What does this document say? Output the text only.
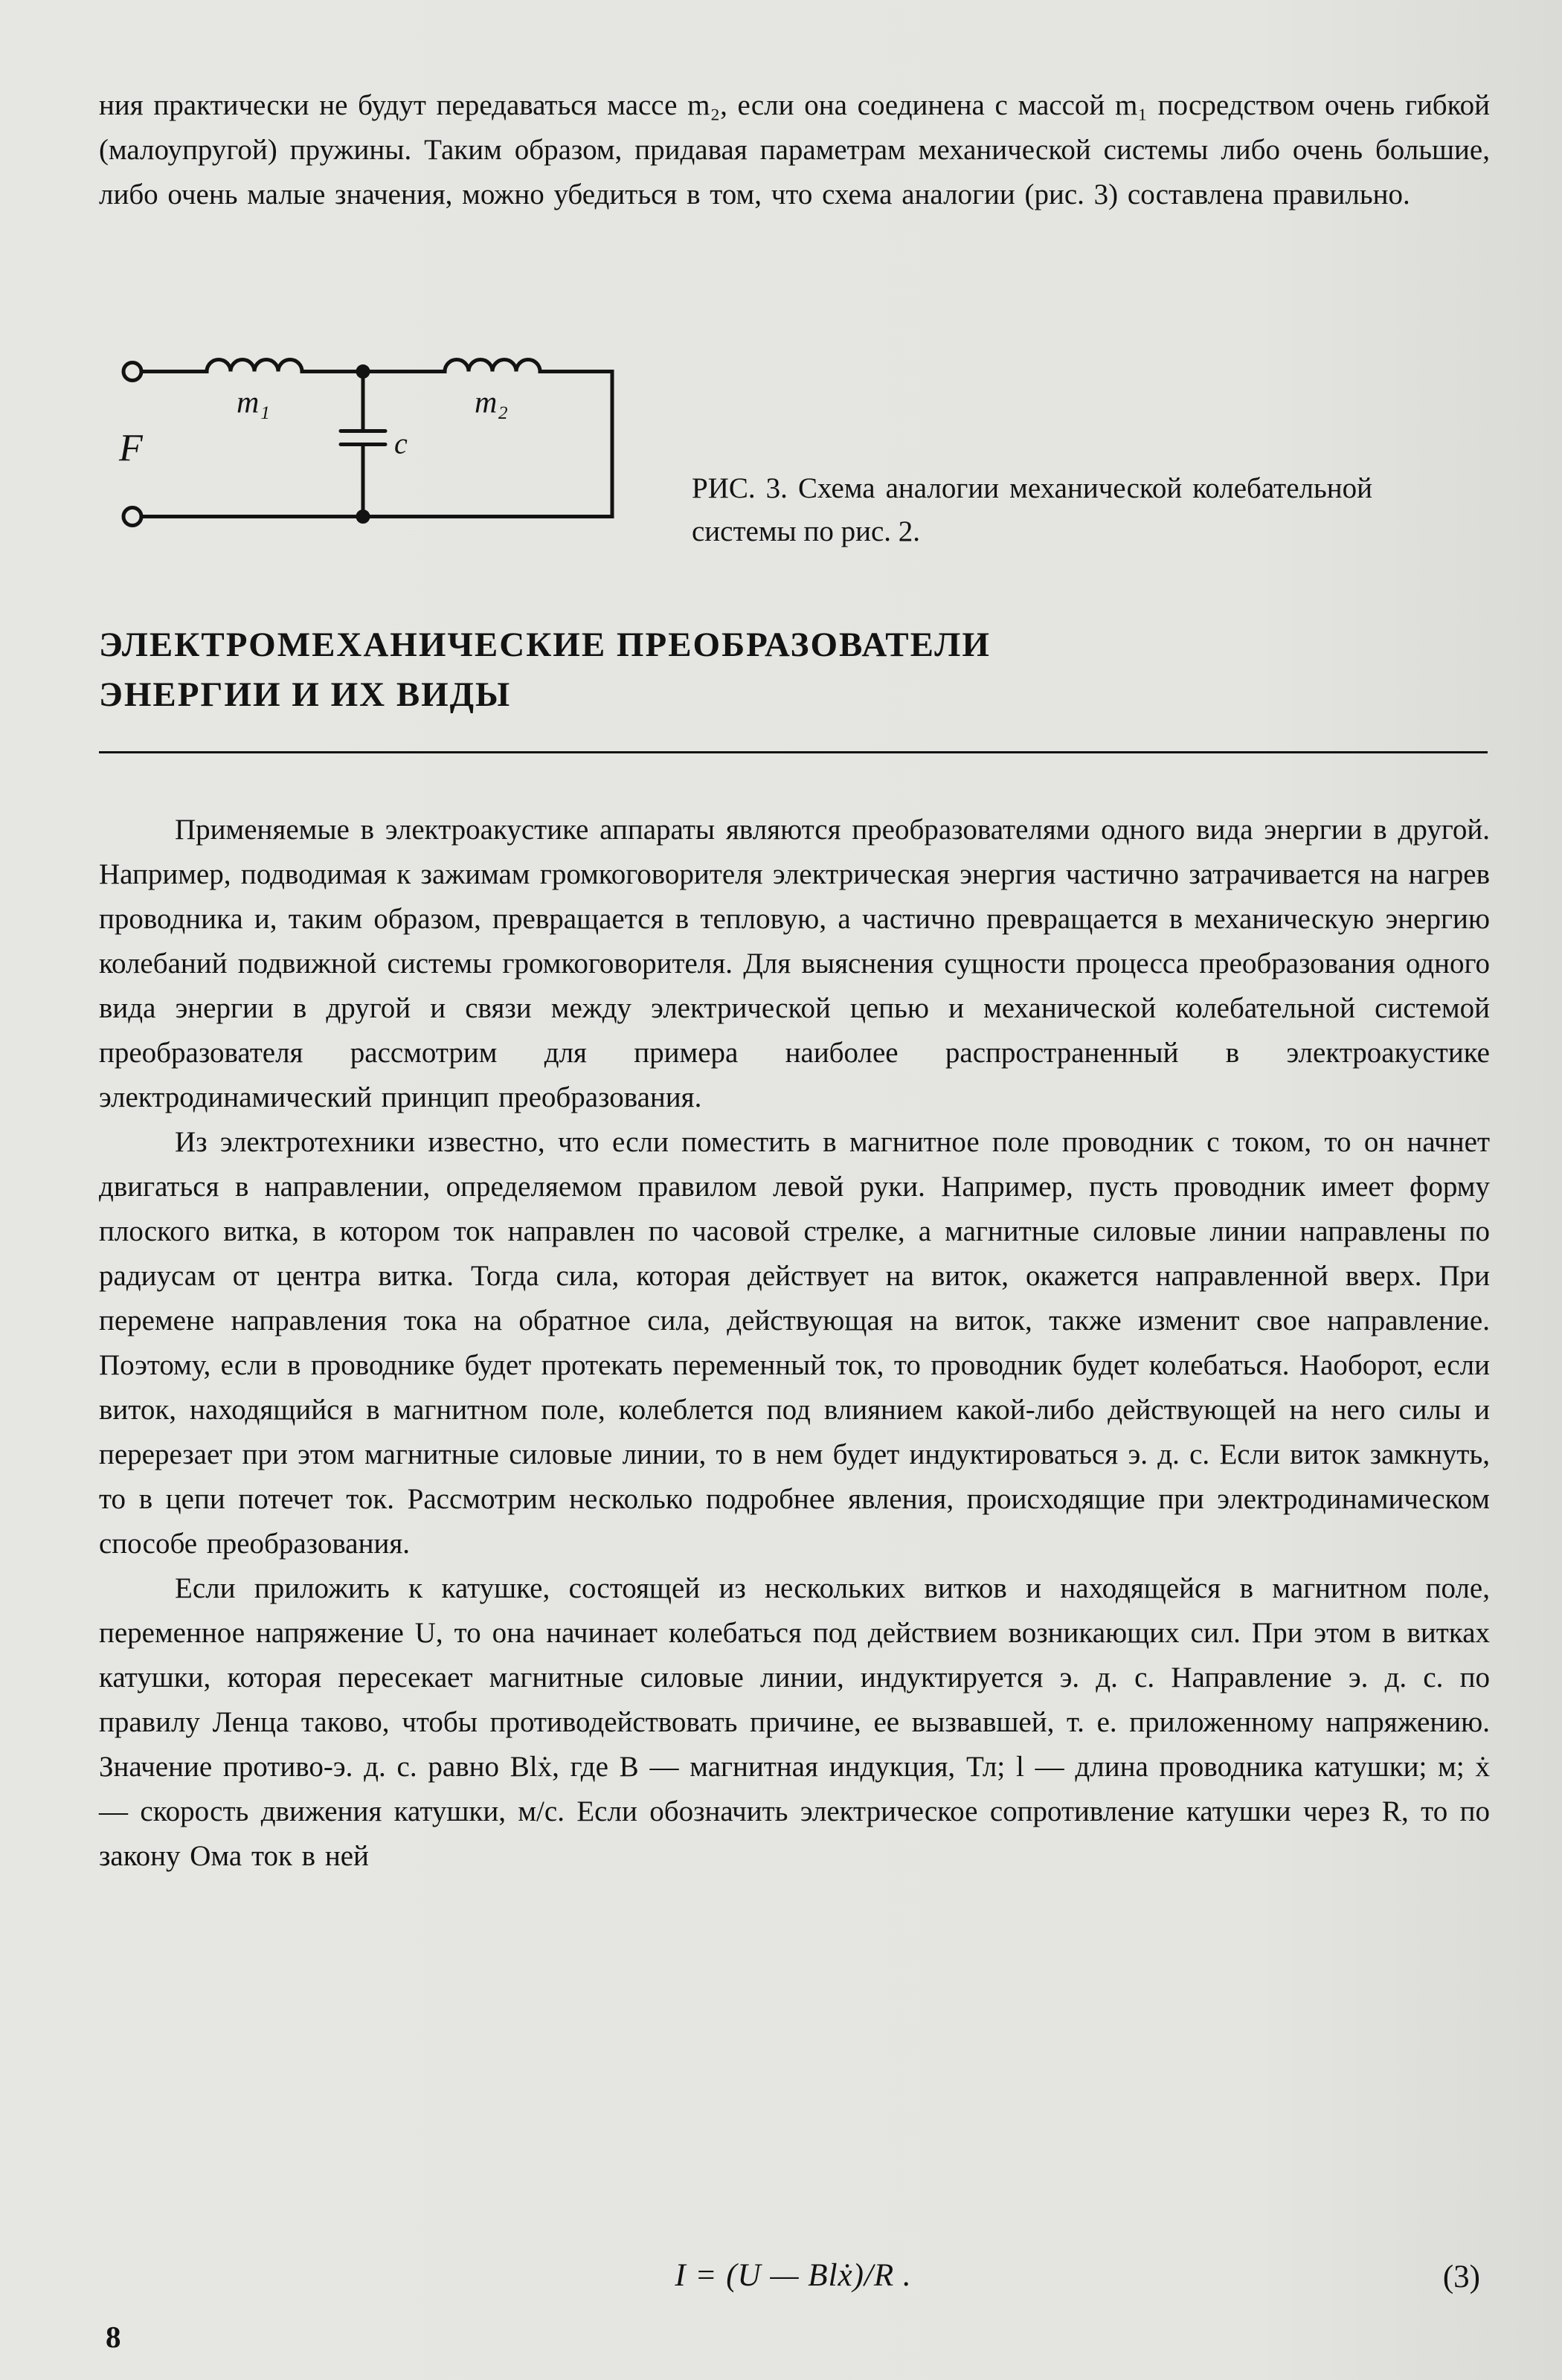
ния практически не будут передаваться массе m₂, если она соединена с массой m₁ посредством очень гибкой (малоупругой) пружины. Таким образом, придавая параметрам механической системы либо очень большие, либо очень малые значения, можно убедиться в том, что схема аналогии (рис. 3) составлена правильно.

F
m₁	m₂
c
РИС. 3. Схема аналогии механической колебательной системы по рис. 2.
ЭЛЕКТРОМЕХАНИЧЕСКИЕ ПРЕОБРАЗОВАТЕЛИ
ЭНЕРГИИ И ИХ ВИДЫ

Применяемые в электроакустике аппараты являются преобразователями одного вида энергии в другой. Например, подводимая к зажимам громкоговорителя электрическая энергия частично затрачивается на нагрев проводника и, таким образом, превращается в тепловую, а частично превращается в механическую энергию колебаний подвижной системы громкоговорителя. Для выяснения сущности процесса преобразования одного вида энергии в другой и связи между электрической цепью и механической колебательной системой преобразователя рассмотрим для примера наиболее распространенный в электроакустике электродинамический принцип преобразования.

Из электротехники известно, что если поместить в магнитное поле проводник с током, то он начнет двигаться в направлении, определяемом правилом левой руки. Например, пусть проводник имеет форму плоского витка, в котором ток направлен по часовой стрелке, а магнитные силовые линии направлены по радиусам от центра витка. Тогда сила, которая действует на виток, окажется направленной вверх. При перемене направления тока на обратное сила, действующая на виток, также изменит свое направление. Поэтому, если в проводнике будет протекать переменный ток, то проводник будет колебаться. Наоборот, если виток, находящийся в магнитном поле, колеблется под влиянием какой-либо действующей на него силы и перерезает при этом магнитные силовые линии, то в нем будет индуктироваться э. д. с. Если виток замкнуть, то в цепи потечет ток. Рассмотрим несколько подробнее явления, происходящие при электродинамическом способе преобразования.

Если приложить к катушке, состоящей из нескольких витков и находящейся в магнитном поле, переменное напряжение U, то она начинает колебаться под действием возникающих сил. При этом в витках катушки, которая пересекает магнитные силовые линии, индуктируется э. д. с. Направление э. д. с. по правилу Ленца таково, чтобы противодействовать причине, ее вызвавшей, т. е. приложенному напряжению. Значение противо-э. д. с. равно Blẋ, где B — магнитная индукция, Тл; l — длина проводника катушки; м; ẋ — скорость движения катушки, м/с. Если обозначить электрическое сопротивление катушки через R, то по закону Ома ток в ней

I = (U — Blẋ)/R .	(3)
8
